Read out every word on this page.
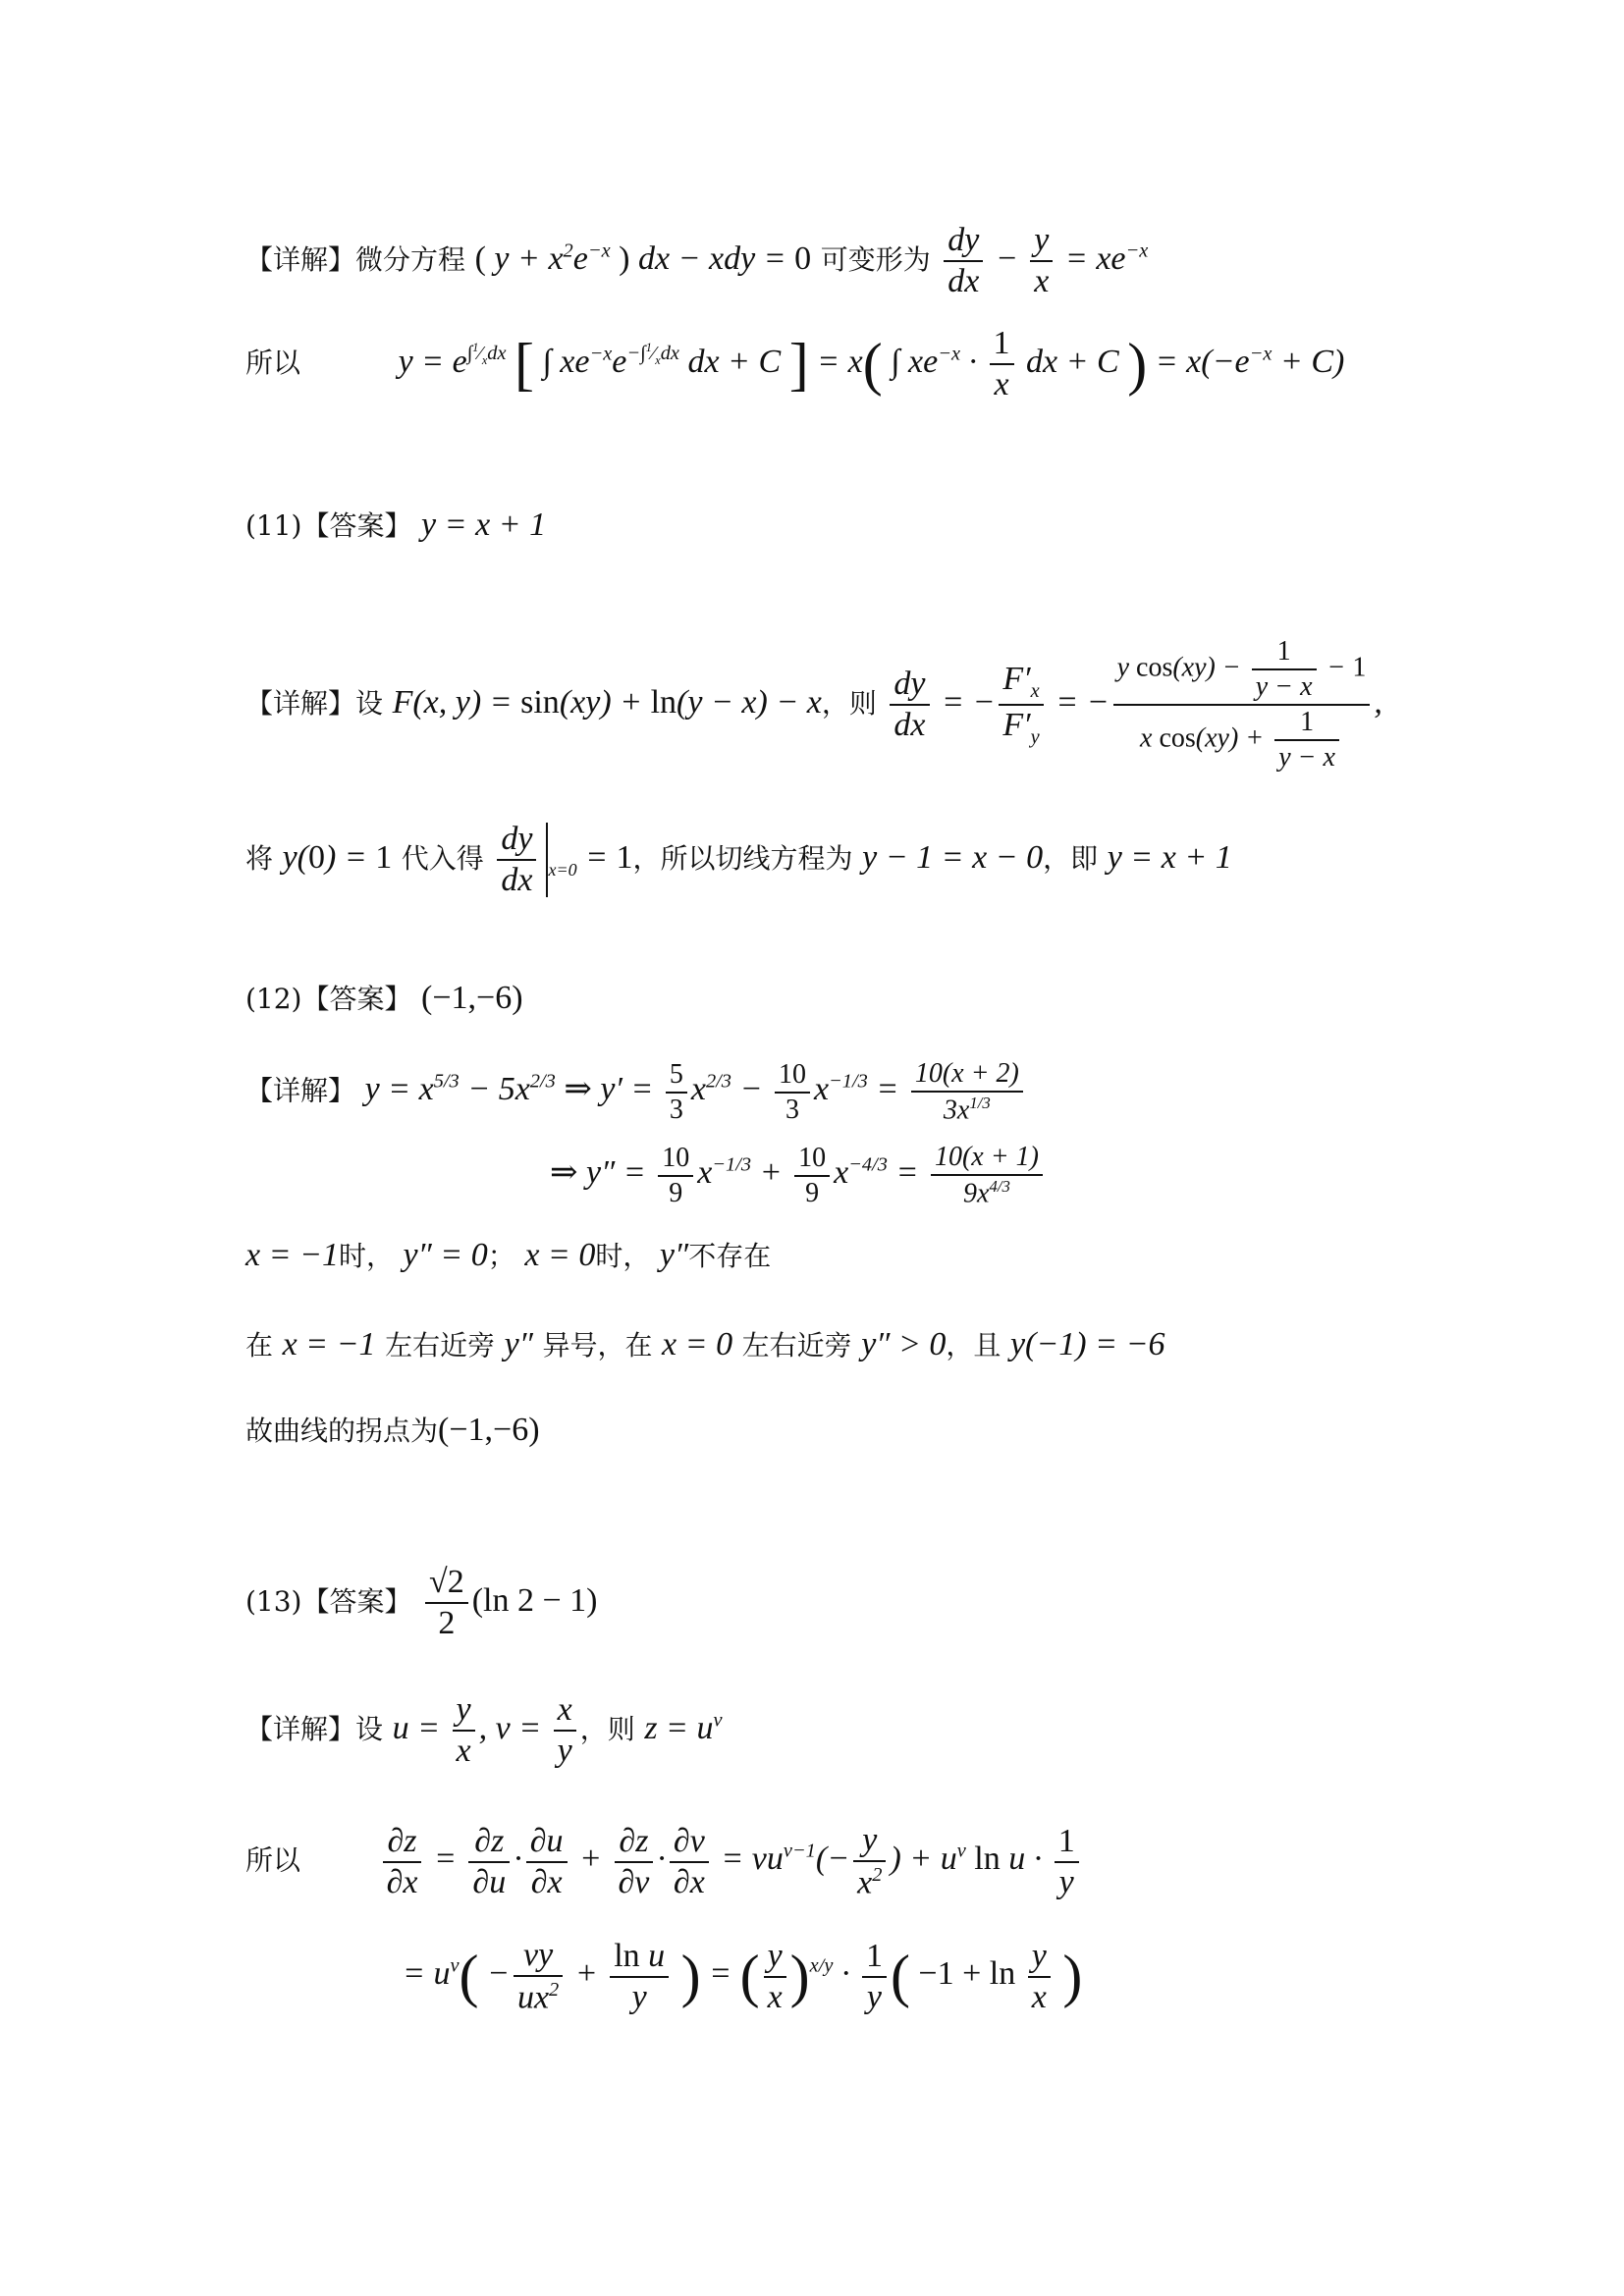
【详解】微分方程 ( $y + x^2e^{-x}$ ) dx − xdy = 0 可变形为 $\frac{dy}{dx} - \frac{y}{x} = xe^{-x}$
所以	$y = e^{\int^1⁄_xdx}$ [ ∫ $xe^{-x}e^{-\int^1⁄_xdx}$ dx + C ] = x( ∫ $xe^{-x} \cdot \frac{1}{x}$ dx + C ) = $x(-e^{-x} + C)$
(11)【答案】 y = x + 1
【详解】设 F(x, y) = sin(xy) + ln(y − x) − x，则 $\frac{dy}{dx}$ = − $\frac{F'_x}{F'_y}$ = − $\frac{y \cos(xy) - \frac{1}{y - x} - 1}{x \cos(xy) + \frac{1}{y - x}}$ ,
将 y(0) = 1 代入得 $\frac{dy}{dx} _{x=0} = 1$，所以切线方程为 y − 1 = x − 0，即 y = x + 1
(12)【答案】 (−1,−6)
【详解】 $y = x^{5/3} - 5x^{2/3}$ ⇒ $y' = \frac{5}{3} x^{2/3} - \frac{10}{3} x^{-1/3} = \frac{10(x + 2)}{3x^{1/3}}$
⇒ $y'' = \frac{10}{9} x^{-1/3} + \frac{10}{9} x^{-4/3} = \frac{10(x + 1)}{9x^{4/3}}$
x = −1时， y″ = 0； x = 0时， y″不存在
在 x = −1 左右近旁 y″ 异号，在 x = 0 左右近旁 y″ > 0，且 y(−1) = −6
故曲线的拐点为(−1,−6)
(13)【答案】 $\frac{√2}{2} (\ln$ 2 − 1)
【详解】设 $u = \frac{y}{x}$ , $v = \frac{x}{y}$ ，则 $z = u^v$
所以 $\frac{\partial z}{\partial x} = \frac{\partial z}{\partial u} \cdot \frac{\partial u}{\partial x} + \frac{\partial z}{\partial v} \cdot \frac{\partial v}{\partial x} = vu^{v-1}(- \frac{y}{x^2}$ ) + $u^v$ $\ln u \cdot \frac{1}{y}$
= $u^v( - \frac{vy}{ux^2} + \frac{\text{ln u}}{y}$ ) = ( $\frac{y}{x} )^{x/y} \cdot \frac{1}{y}$ ( $-1 + \ln \frac{y}{x}$ )
